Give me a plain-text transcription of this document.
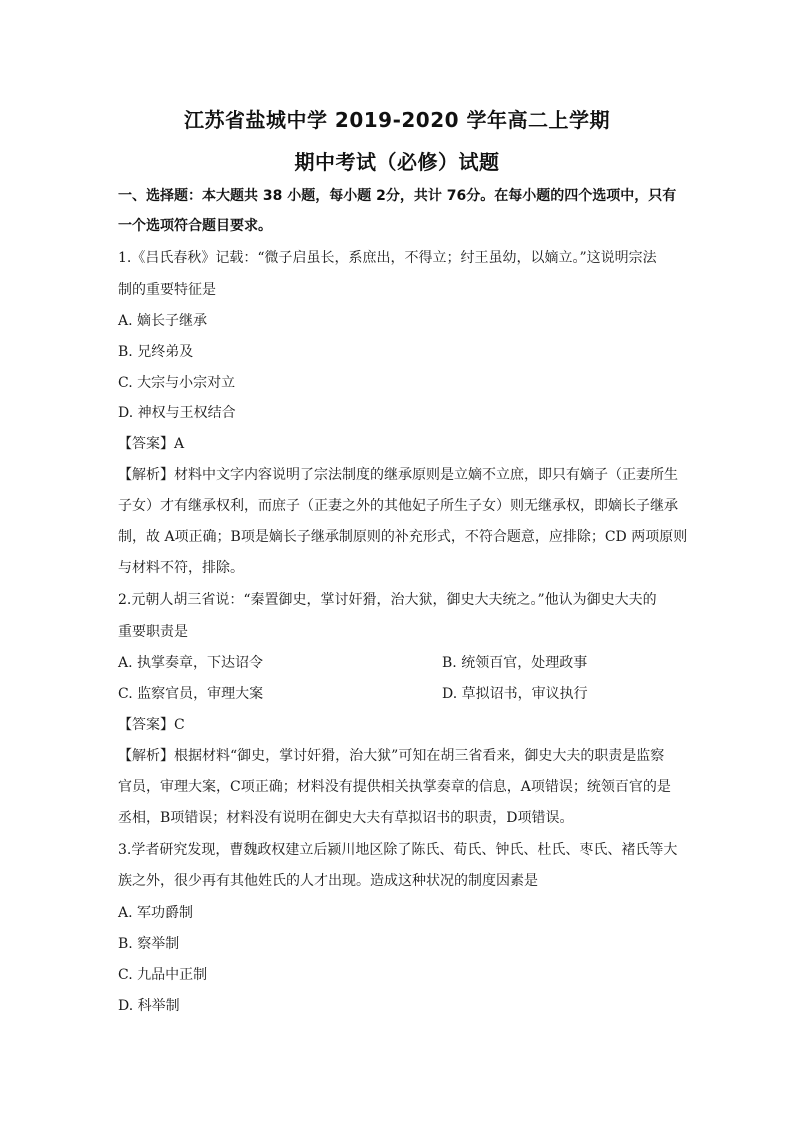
江苏省盐城中学 2019-2020 学年高二上学期
期中考试（必修）试题
一、选择题：本大题共 38 小题，每小题 2分，共计 76分。在每小题的四个选项中，只有
一个选项符合题目要求。
1.《吕氏春秋》记载：“微子启虽长，系庶出，不得立；纣王虽幼，以嫡立。”这说明宗法
制的重要特征是
A. 嫡长子继承
B. 兄终弟及
C. 大宗与小宗对立
D. 神权与王权结合
【答案】A
【解析】材料中文字内容说明了宗法制度的继承原则是立嫡不立庶，即只有嫡子（正妻所生
子女）才有继承权利，而庶子（正妻之外的其他妃子所生子女）则无继承权，即嫡长子继承
制，故 A项正确；B项是嫡长子继承制原则的补充形式，不符合题意，应排除；CD 两项原则
与材料不符，排除。
2.元朝人胡三省说：“秦置御史，掌讨奸猾，治大狱，御史大夫统之。”他认为御史大夫的
重要职责是
A. 执掌奏章，下达诏令	B. 统领百官，处理政事
C. 监察官员，审理大案	D. 草拟诏书，审议执行
【答案】C
【解析】根据材料“御史，掌讨奸猾，治大狱”可知在胡三省看来，御史大夫的职责是监察
官员，审理大案，C项正确；材料没有提供相关执掌奏章的信息，A项错误；统领百官的是
丞相，B项错误；材料没有说明在御史大夫有草拟诏书的职责，D项错误。
3.学者研究发现，曹魏政权建立后颍川地区除了陈氏、荀氏、钟氏、杜氏、枣氏、褚氏等大
族之外，很少再有其他姓氏的人才出现。造成这种状况的制度因素是
A. 军功爵制
B. 察举制
C. 九品中正制
D. 科举制
